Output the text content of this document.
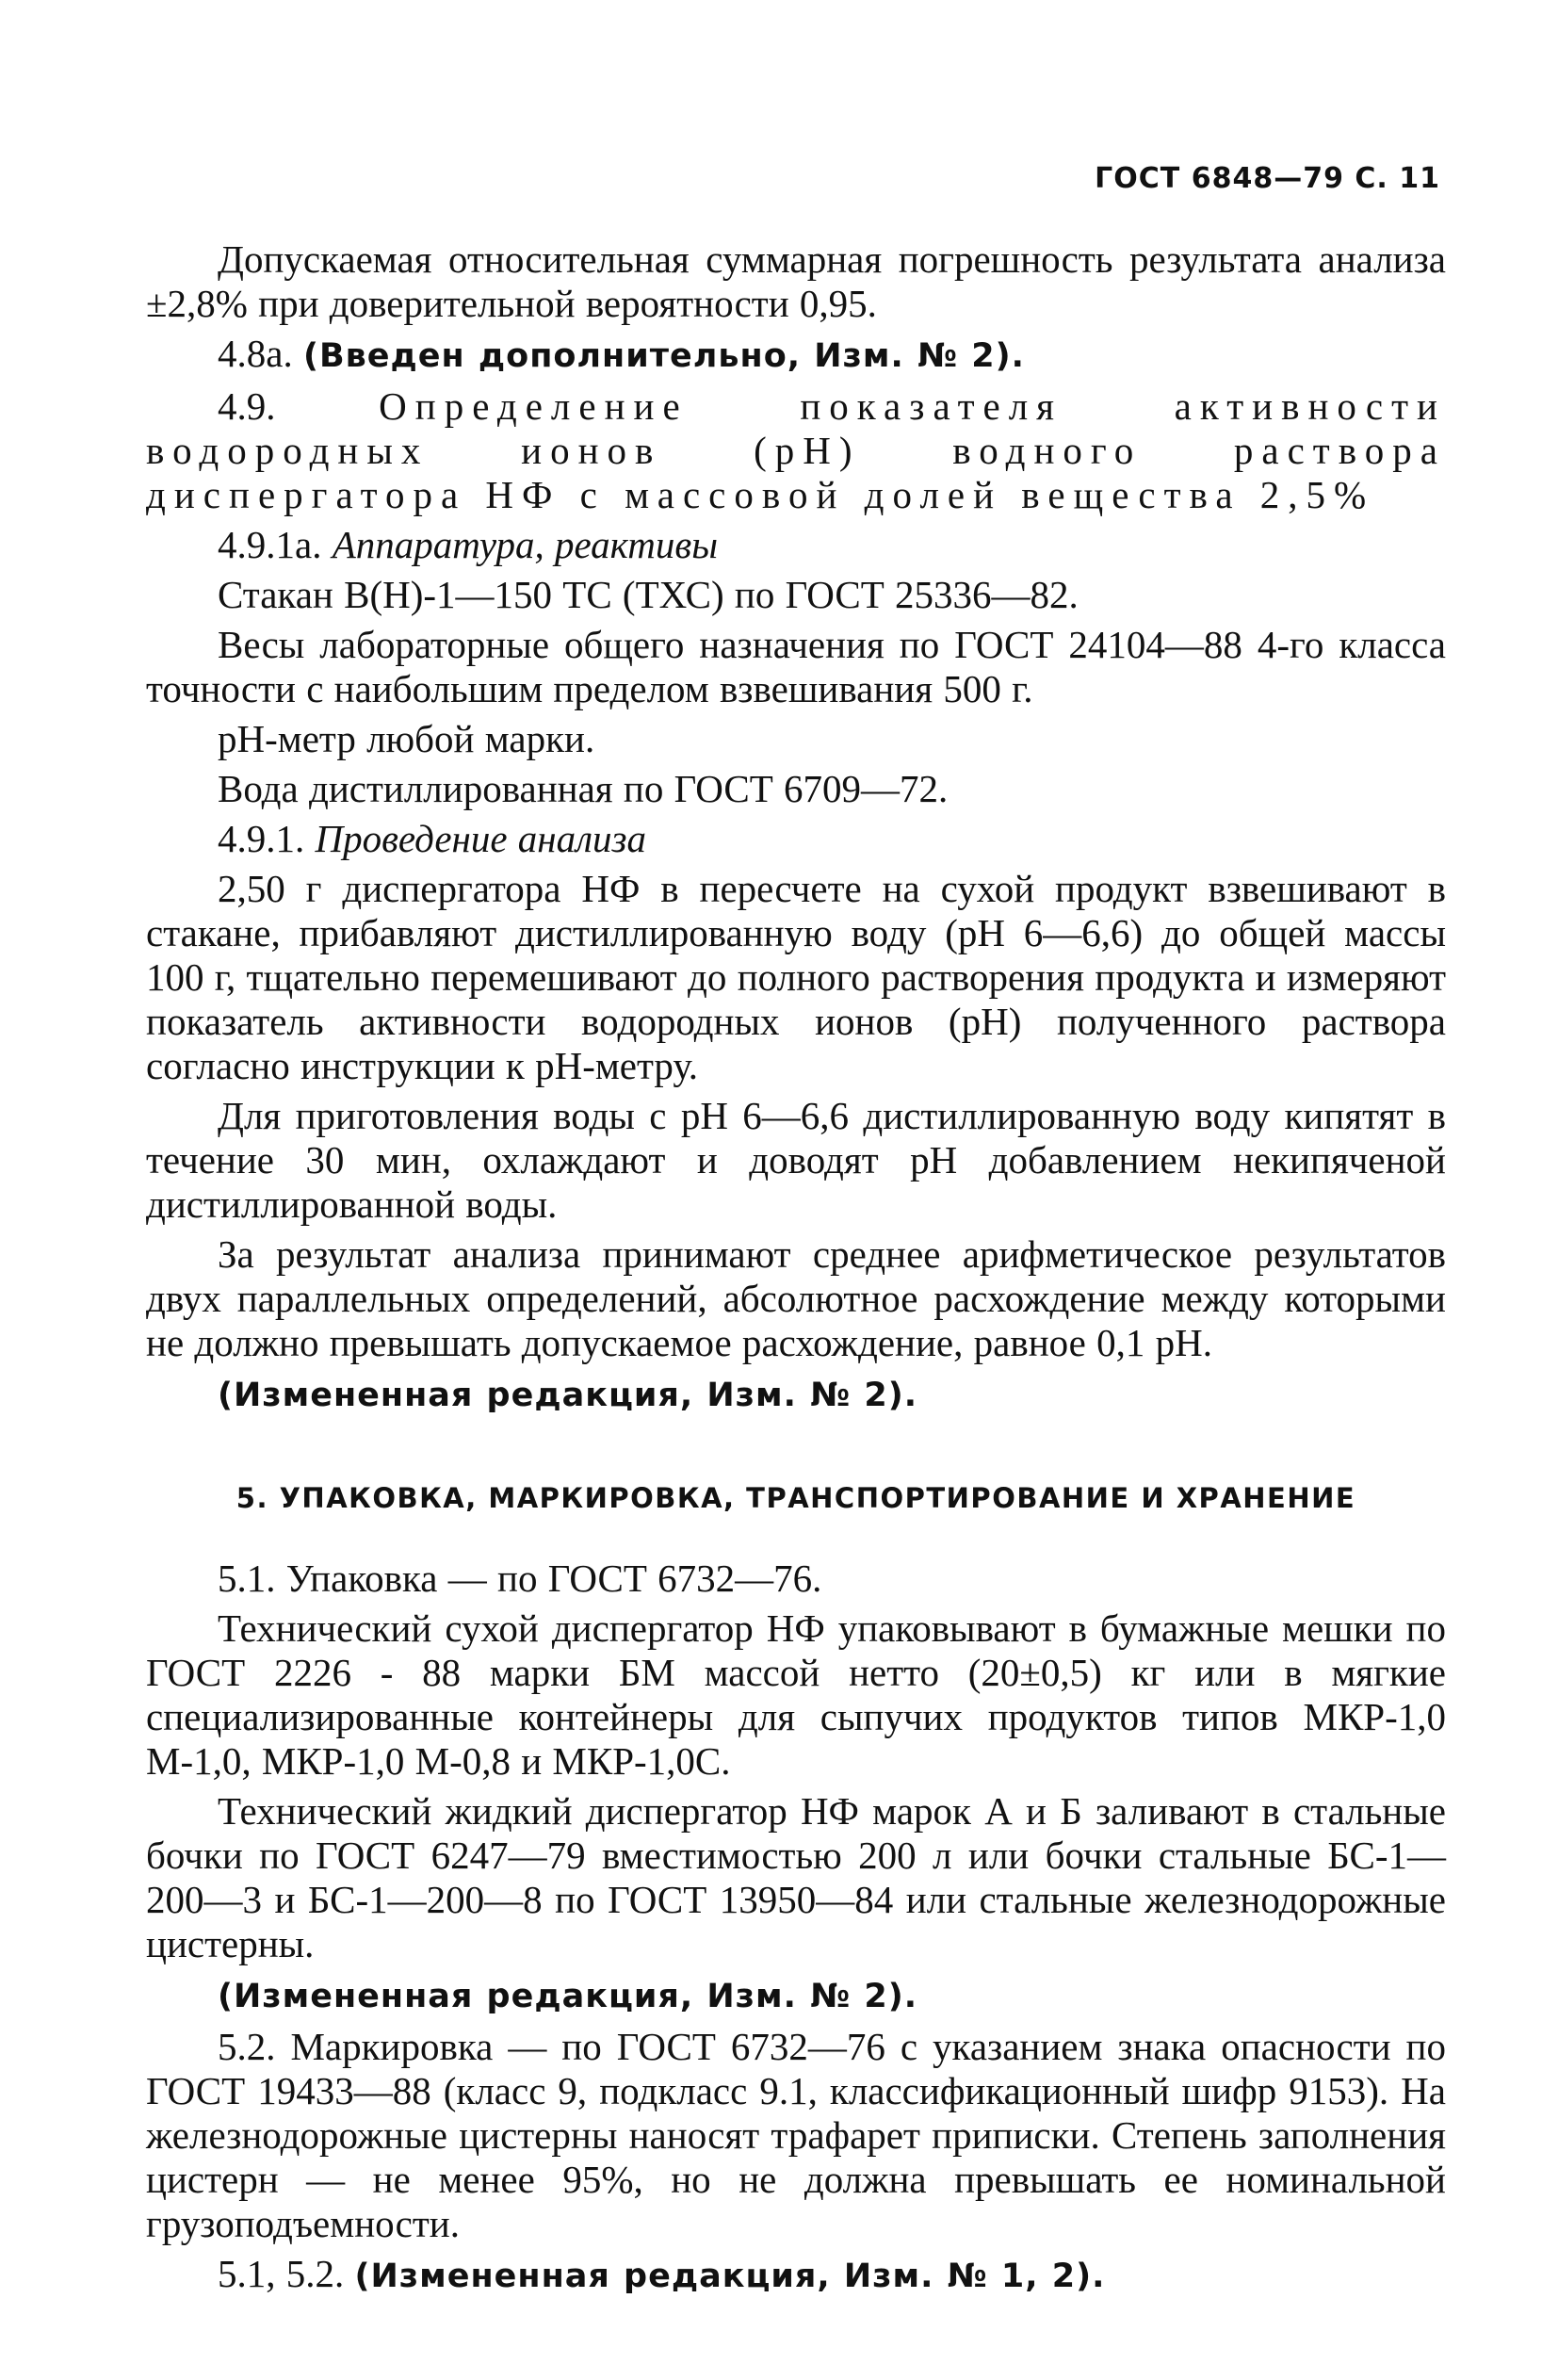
ГОСТ 6848—79 С. 11

Допускаемая относительная суммарная погрешность результата анализа ±2,8% при доверительной вероятности 0,95.

4.8а. (Введен дополнительно, Изм. № 2).

4.9.	Определение показателя активности водородных ионов (рН) водного раствора диспергатора НФ с массовой долей вещества 2,5%

4.9.1а. Аппаратура, реактивы

Стакан В(Н)-1—150 ТС (ТХС) по ГОСТ 25336—82.

Весы лабораторные общего назначения по ГОСТ 24104—88 4-го класса точности с наибольшим пределом взвешивания 500 г.

рН-метр любой марки.

Вода дистиллированная по ГОСТ 6709—72.

4.9.1. Проведение анализа

2,50 г диспергатора НФ в пересчете на сухой продукт взвешивают в стакане, прибавляют дистиллированную воду (рН 6—6,6) до общей массы 100 г, тщательно перемешивают до полного растворения продукта и измеряют показатель активности водородных ионов (рН) полученного раствора согласно инструкции к рН-метру.

Для приготовления воды с рН 6—6,6 дистиллированную воду кипятят в течение 30 мин, охлаждают и доводят рН добавлением некипяченой дистиллированной воды.

За результат анализа принимают среднее арифметическое результатов двух параллельных определений, абсолютное расхождение между которыми не должно превышать допускаемое расхождение, равное 0,1 рН.

(Измененная редакция, Изм. № 2).

5. УПАКОВКА, МАРКИРОВКА, ТРАНСПОРТИРОВАНИЕ И ХРАНЕНИЕ

5.1. Упаковка — по ГОСТ 6732—76.

Технический сухой диспергатор НФ упаковывают в бумажные мешки по ГОСТ 2226 - 88 марки БМ массой нетто (20±0,5) кг или в мягкие специализированные контейнеры для сыпучих продуктов типов МКР-1,0 М-1,0, МКР-1,0 М-0,8 и МКР-1,0С.

Технический жидкий диспергатор НФ марок А и Б заливают в стальные бочки по ГОСТ 6247—79 вместимостью 200 л или бочки стальные БС-1—200—3 и БС-1—200—8 по ГОСТ 13950—84 или стальные железнодорожные цистерны.

(Измененная редакция, Изм. № 2).

5.2. Маркировка — по ГОСТ 6732—76 с указанием знака опасности по ГОСТ 19433—88 (класс 9, подкласс 9.1, классификационный шифр 9153). На железнодорожные цистерны наносят трафарет приписки. Степень заполнения цистерн — не менее 95%, но не должна превышать ее номинальной грузоподъемности.

5.1, 5.2. (Измененная редакция, Изм. № 1, 2).
